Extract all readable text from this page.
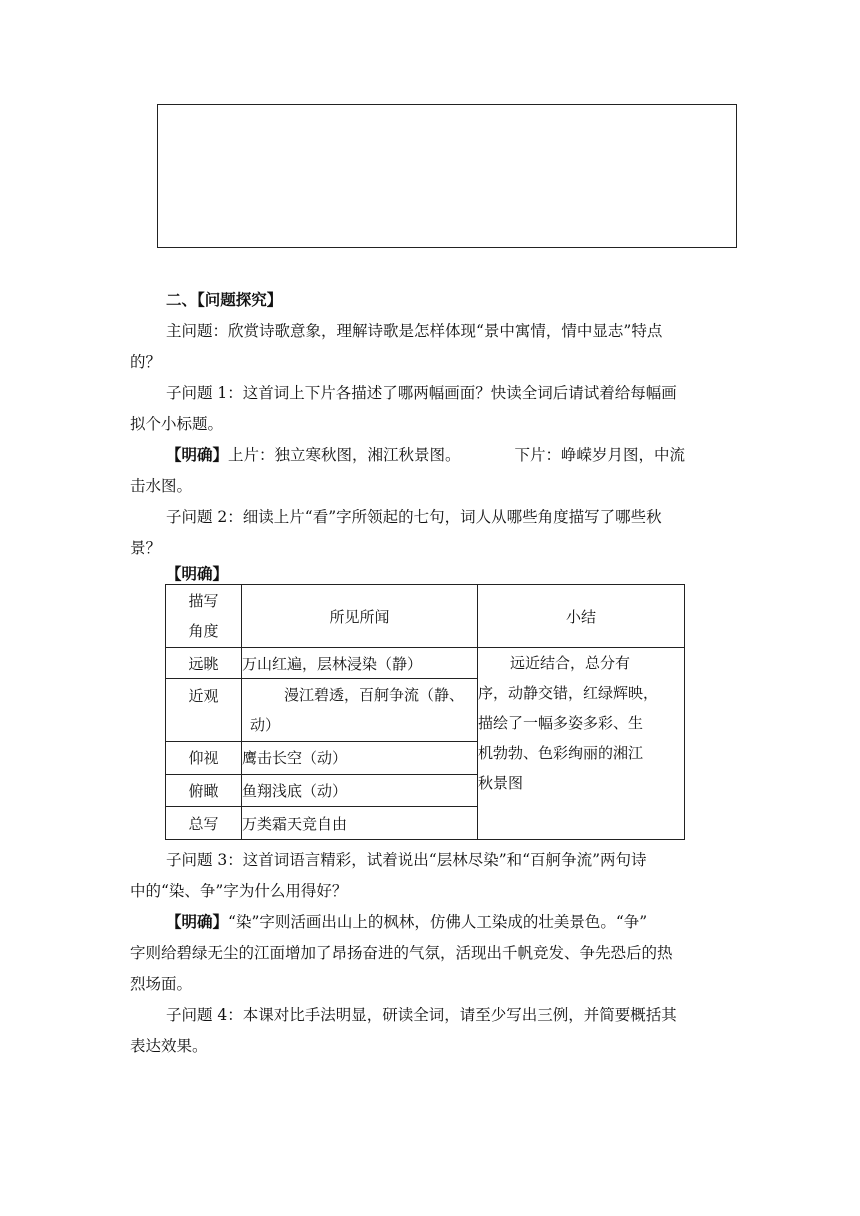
二、【问题探究】
主问题：欣赏诗歌意象，理解诗歌是怎样体现“景中寓情，情中显志”特点
的？
子问题 1：这首词上下片各描述了哪两幅画面？快读全词后请试着给每幅画
拟个小标题。
【明确】上片：独立寒秋图，湘江秋景图。	下片：峥嵘岁月图，中流
击水图。
子问题 2：细读上片“看”字所领起的七句，词人从哪些角度描写了哪些秋
景？
【明确】
描写
角度	所见所闻	小结
远眺	万山红遍，层林浸染（静）	远近结合，总分有
序，动静交错，红绿辉映，
描绘了一幅多姿多彩、生
机勃勃、色彩绚丽的湘江
秋景图

近观	漫江碧透，百舸争流（静、
动）	

仰视	鹰击长空（动）	
俯瞰	鱼翔浅底（动）	
总写	万类霜天竞自由	
子问题 3：这首词语言精彩，试着说出“层林尽染”和“百舸争流”两句诗
中的“染、争”字为什么用得好？
【明确】“染”字则活画出山上的枫林，仿佛人工染成的壮美景色。“争”
字则给碧绿无尘的江面增加了昂扬奋进的气氛，活现出千帆竞发、争先恐后的热
烈场面。
子问题 4：本课对比手法明显，研读全词，请至少写出三例，并简要概括其
表达效果。
